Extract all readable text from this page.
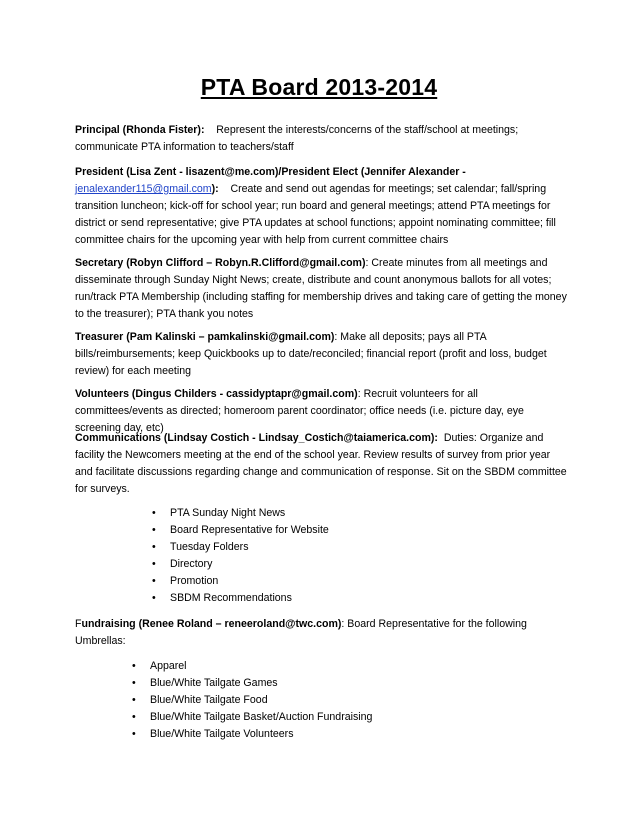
PTA Board 2013-2014

Principal (Rhonda Fister): Represent the interests/concerns of the staff/school at meetings; communicate PTA information to teachers/staff

President (Lisa Zent - lisazent@me.com)/President Elect (Jennifer Alexander - jenalexander115@gmail.com): Create and send out agendas for meetings; set calendar; fall/spring transition luncheon; kick-off for school year; run board and general meetings; attend PTA meetings for district or send representative; give PTA updates at school functions; appoint nominating committee; fill committee chairs for the upcoming year with help from current committee chairs

Secretary (Robyn Clifford – Robyn.R.Clifford@gmail.com): Create minutes from all meetings and disseminate through Sunday Night News; create, distribute and count anonymous ballots for all votes; run/track PTA Membership (including staffing for membership drives and taking care of getting the money to the treasurer); PTA thank you notes

Treasurer (Pam Kalinski – pamkalinski@gmail.com): Make all deposits; pays all PTA bills/reimbursements; keep Quickbooks up to date/reconciled; financial report (profit and loss, budget review) for each meeting

Volunteers (Dingus Childers - cassidyptapr@gmail.com): Recruit volunteers for all committees/events as directed; homeroom parent coordinator; office needs (i.e. picture day, eye screening day, etc)

Communications (Lindsay Costich - Lindsay_Costich@taiamerica.com): Duties: Organize and facility the Newcomers meeting at the end of the school year. Review results of survey from prior year and facilitate discussions regarding change and communication of response. Sit on the SBDM committee for surveys.

• PTA Sunday Night News
• Board Representative for Website
• Tuesday Folders
• Directory
• Promotion
• SBDM Recommendations

Fundraising (Renee Roland – reneeroland@twc.com): Board Representative for the following Umbrellas:

• Apparel
• Blue/White Tailgate Games
• Blue/White Tailgate Food
• Blue/White Tailgate Basket/Auction Fundraising
• Blue/White Tailgate Volunteers
